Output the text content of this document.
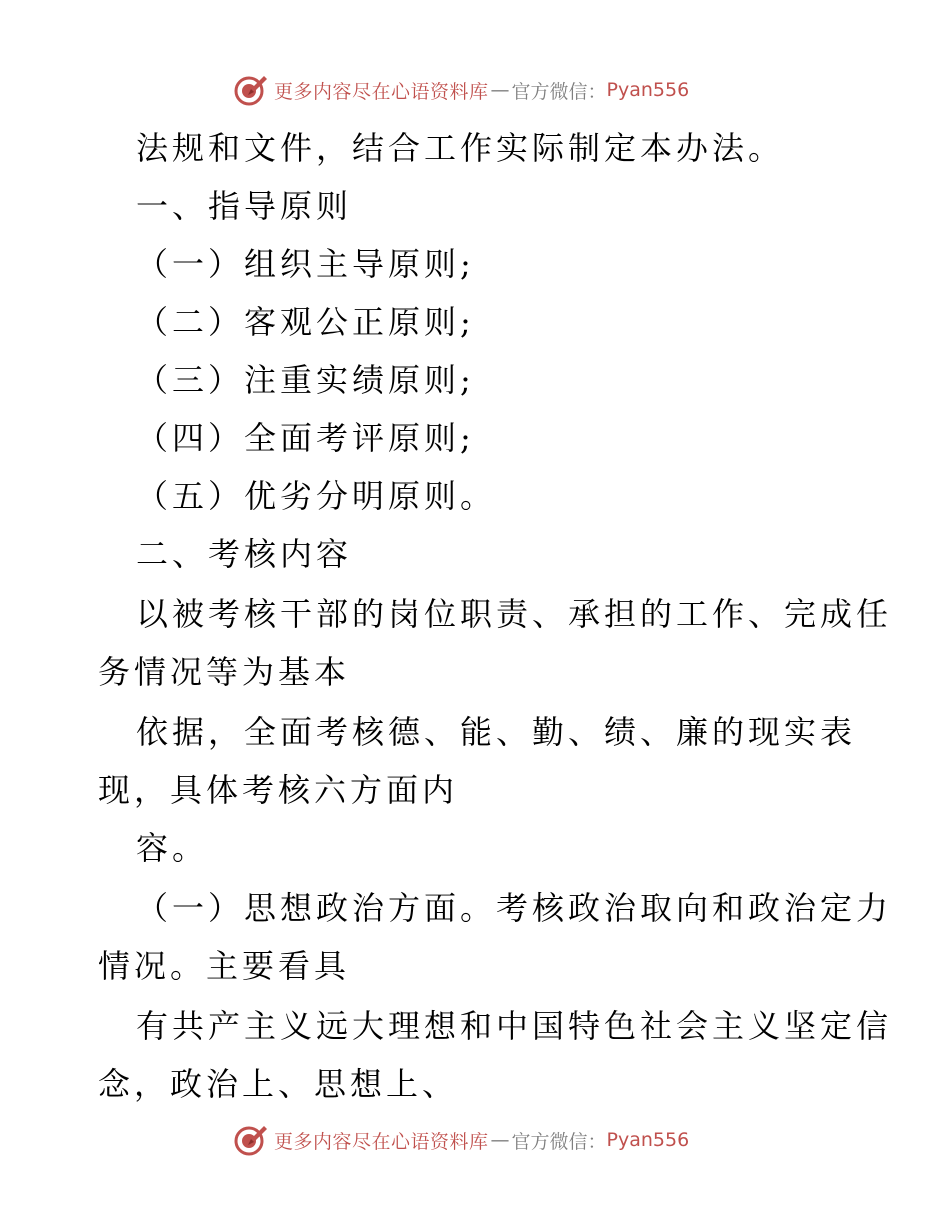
更多内容尽在心语资料库 — 官方微信： Pyan556
法规和文件，结合工作实际制定本办法。
一、指导原则
（一）组织主导原则;
（二）客观公正原则;
（三）注重实绩原则;
（四）全面考评原则;
（五）优劣分明原则。
二、考核内容
以被考核干部的岗位职责、承担的工作、完成任
务情况等为基本
依据，全面考核德、能、勤、绩、廉的现实表
现，具体考核六方面内
容。
（一）思想政治方面。考核政治取向和政治定力
情况。主要看具
有共产主义远大理想和中国特色社会主义坚定信
念，政治上、思想上、
更多内容尽在心语资料库 — 官方微信： Pyan556
